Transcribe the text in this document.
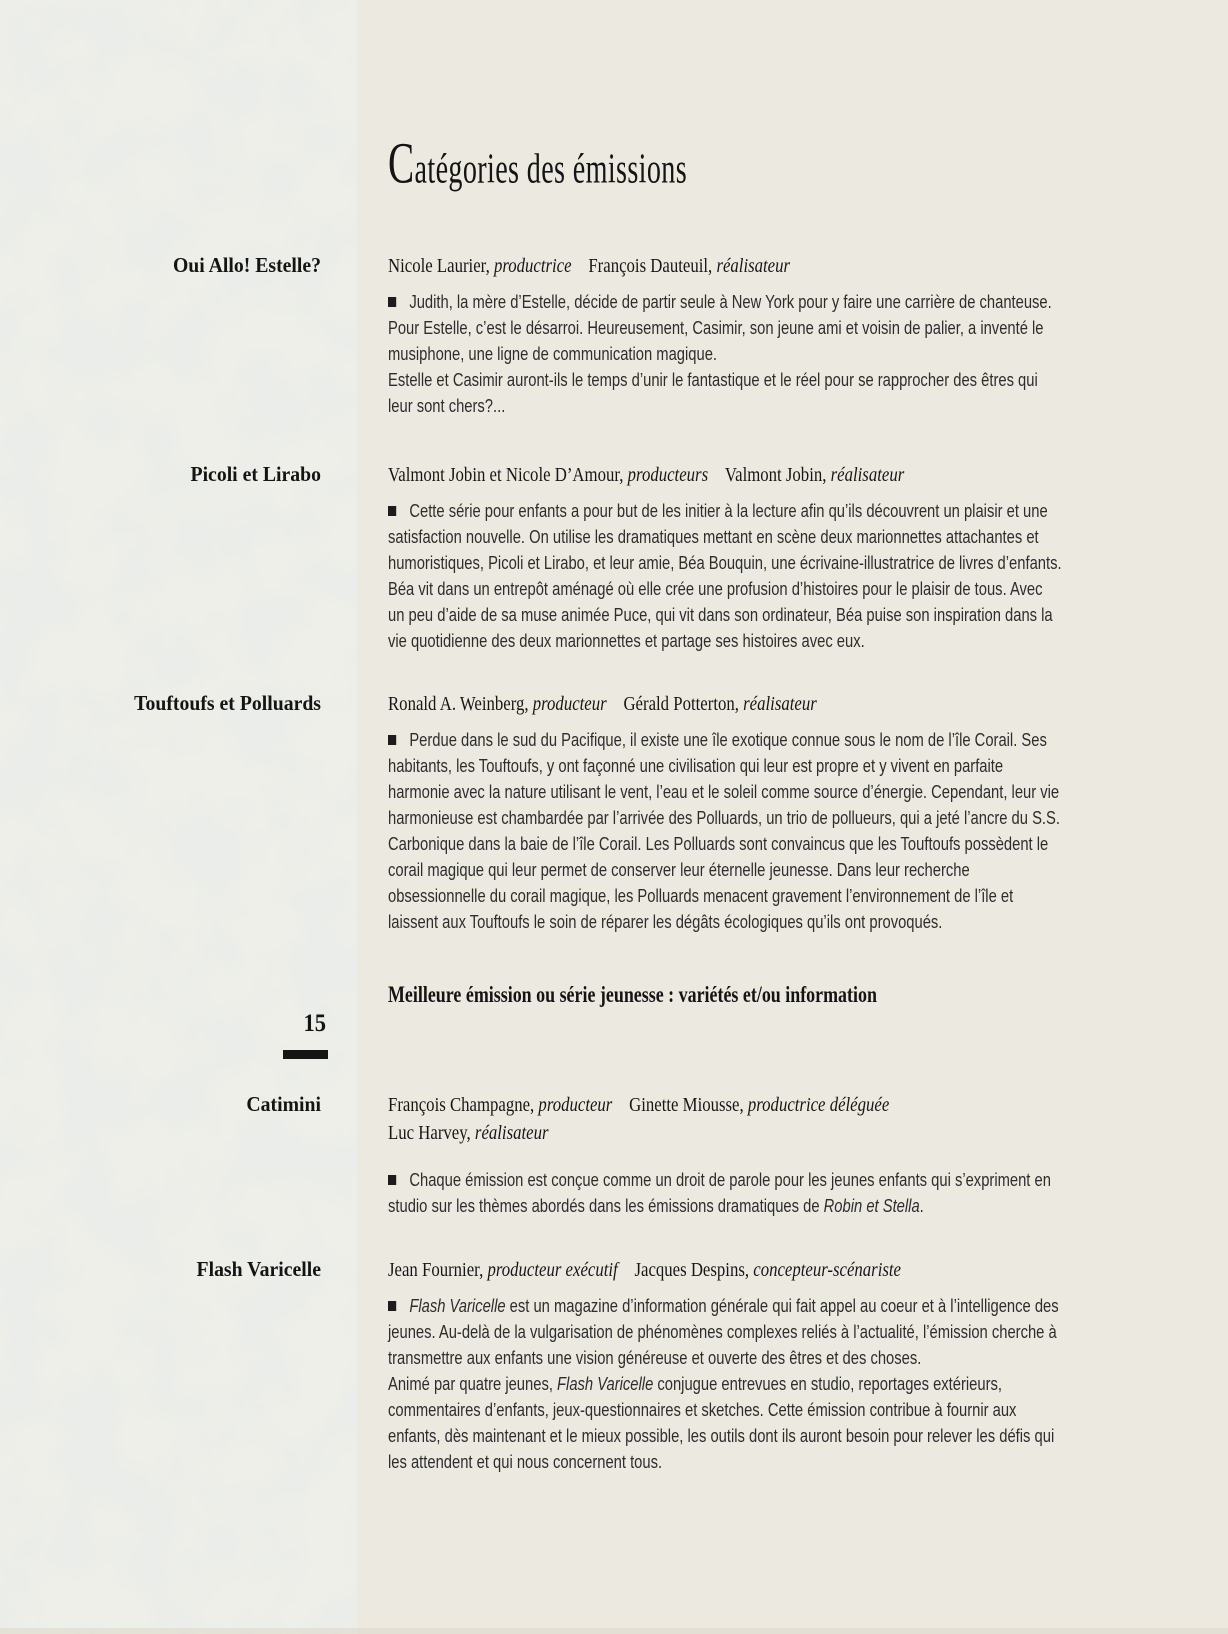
Catégories des émissions
Oui Allo! Estelle?	Nicole Laurier, productrice  François Dauteuil, réalisateur
Judith, la mère d’Estelle, décide de partir seule à New York pour y faire une carrière de chanteuse. Pour Estelle, c’est le désarroi. Heureusement, Casimir, son jeune ami et voisin de palier, a inventé le musiphone, une ligne de communication magique.
Estelle et Casimir auront-ils le temps d’unir le fantastique et le réel pour se rapprocher des êtres qui leur sont chers?...
Picoli et Lirabo	Valmont Jobin et Nicole D’Amour, producteurs  Valmont Jobin, réalisateur
Cette série pour enfants a pour but de les initier à la lecture afin qu’ils découvrent un plaisir et une satisfaction nouvelle. On utilise les dramatiques mettant en scène deux marionnettes attachantes et humoristiques, Picoli et Lirabo, et leur amie, Béa Bouquin, une écrivaine-illustratrice de livres d’enfants. Béa vit dans un entrepôt aménagé où elle crée une profusion d’histoires pour le plaisir de tous. Avec un peu d’aide de sa muse animée Puce, qui vit dans son ordinateur, Béa puise son inspiration dans la vie quotidienne des deux marionnettes et partage ses histoires avec eux.
Touftoufs et Polluards	Ronald A. Weinberg, producteur  Gérald Potterton, réalisateur
Perdue dans le sud du Pacifique, il existe une île exotique connue sous le nom de l’île Corail. Ses habitants, les Touftoufs, y ont façonné une civilisation qui leur est propre et y vivent en parfaite harmonie avec la nature utilisant le vent, l’eau et le soleil comme source d’énergie. Cependant, leur vie harmonieuse est chambardée par l’arrivée des Polluards, un trio de pollueurs, qui a jeté l’ancre du S.S. Carbonique dans la baie de l’île Corail. Les Polluards sont convaincus que les Touftoufs possèdent le corail magique qui leur permet de conserver leur éternelle jeunesse. Dans leur recherche obsessionnelle du corail magique, les Polluards menacent gravement l’environnement de l’île et laissent aux Touftoufs le soin de réparer les dégâts écologiques qu’ils ont provoqués.
Catimini	François Champagne, producteur  Ginette Miousse, productrice déléguée
Luc Harvey, réalisateur
Chaque émission est conçue comme un droit de parole pour les jeunes enfants qui s’expriment en studio sur les thèmes abordés dans les émissions dramatiques de Robin et Stella.
Flash Varicelle	Jean Fournier, producteur exécutif  Jacques Despins, concepteur-scénariste
Flash Varicelle est un magazine d’information générale qui fait appel au coeur et à l’intelligence des jeunes. Au-delà de la vulgarisation de phénomènes complexes reliés à l’actualité, l’émission cherche à transmettre aux enfants une vision généreuse et ouverte des êtres et des choses.
Animé par quatre jeunes, Flash Varicelle conjugue entrevues en studio, reportages extérieurs, commentaires d’enfants, jeux-questionnaires et sketches. Cette émission contribue à fournir aux enfants, dès maintenant et le mieux possible, les outils dont ils auront besoin pour relever les défis qui les attendent et qui nous concernent tous.
Meilleure émission ou série jeunesse : variétés et/ou information
15
